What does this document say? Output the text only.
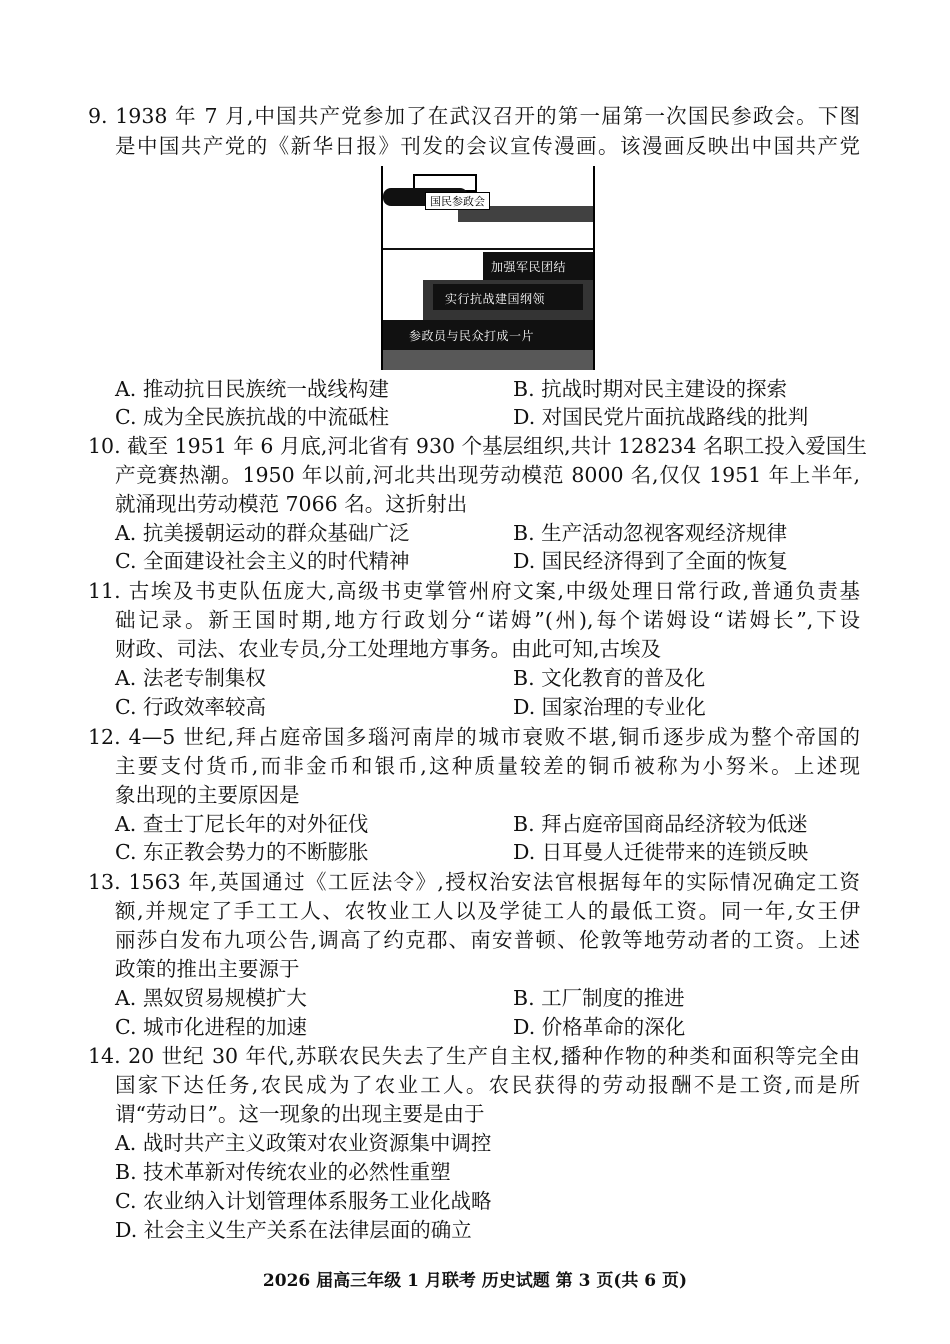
9. 1938 年 7 月,中国共产党参加了在武汉召开的第一届第一次国民参政会。下图
是中国共产党的《新华日报》刊发的会议宣传漫画。该漫画反映出中国共产党
国民参政会
加强军民团结
实行抗战建国纲领
参政员与民众打成一片
A. 推动抗日民族统一战线构建	B. 抗战时期对民主建设的探索
C. 成为全民族抗战的中流砥柱	D. 对国民党片面抗战路线的批判
10. 截至 1951 年 6 月底,河北省有 930 个基层组织,共计 128234 名职工投入爱国生
产竞赛热潮。1950 年以前,河北共出现劳动模范 8000 名,仅仅 1951 年上半年,
就涌现出劳动模范 7066 名。这折射出
A. 抗美援朝运动的群众基础广泛	B. 生产活动忽视客观经济规律
C. 全面建设社会主义的时代精神	D. 国民经济得到了全面的恢复
11. 古埃及书吏队伍庞大,高级书吏掌管州府文案,中级处理日常行政,普通负责基
础记录。新王国时期,地方行政划分“诺姆”(州),每个诺姆设“诺姆长”,下设
财政、司法、农业专员,分工处理地方事务。由此可知,古埃及
A. 法老专制集权	B. 文化教育的普及化
C. 行政效率较高	D. 国家治理的专业化
12. 4—5 世纪,拜占庭帝国多瑙河南岸的城市衰败不堪,铜币逐步成为整个帝国的
主要支付货币,而非金币和银币,这种质量较差的铜币被称为小努米。上述现
象出现的主要原因是
A. 查士丁尼长年的对外征伐	B. 拜占庭帝国商品经济较为低迷
C. 东正教会势力的不断膨胀	D. 日耳曼人迁徙带来的连锁反映
13. 1563 年,英国通过《工匠法令》,授权治安法官根据每年的实际情况确定工资
额,并规定了手工工人、农牧业工人以及学徒工人的最低工资。同一年,女王伊
丽莎白发布九项公告,调高了约克郡、南安普顿、伦敦等地劳动者的工资。上述
政策的推出主要源于
A. 黑奴贸易规模扩大	B. 工厂制度的推进
C. 城市化进程的加速	D. 价格革命的深化
14. 20 世纪 30 年代,苏联农民失去了生产自主权,播种作物的种类和面积等完全由
国家下达任务,农民成为了农业工人。农民获得的劳动报酬不是工资,而是所
谓“劳动日”。这一现象的出现主要是由于
A. 战时共产主义政策对农业资源集中调控
B. 技术革新对传统农业的必然性重塑
C. 农业纳入计划管理体系服务工业化战略
D. 社会主义生产关系在法律层面的确立
2026 届高三年级 1 月联考 历史试题 第 3 页(共 6 页)
